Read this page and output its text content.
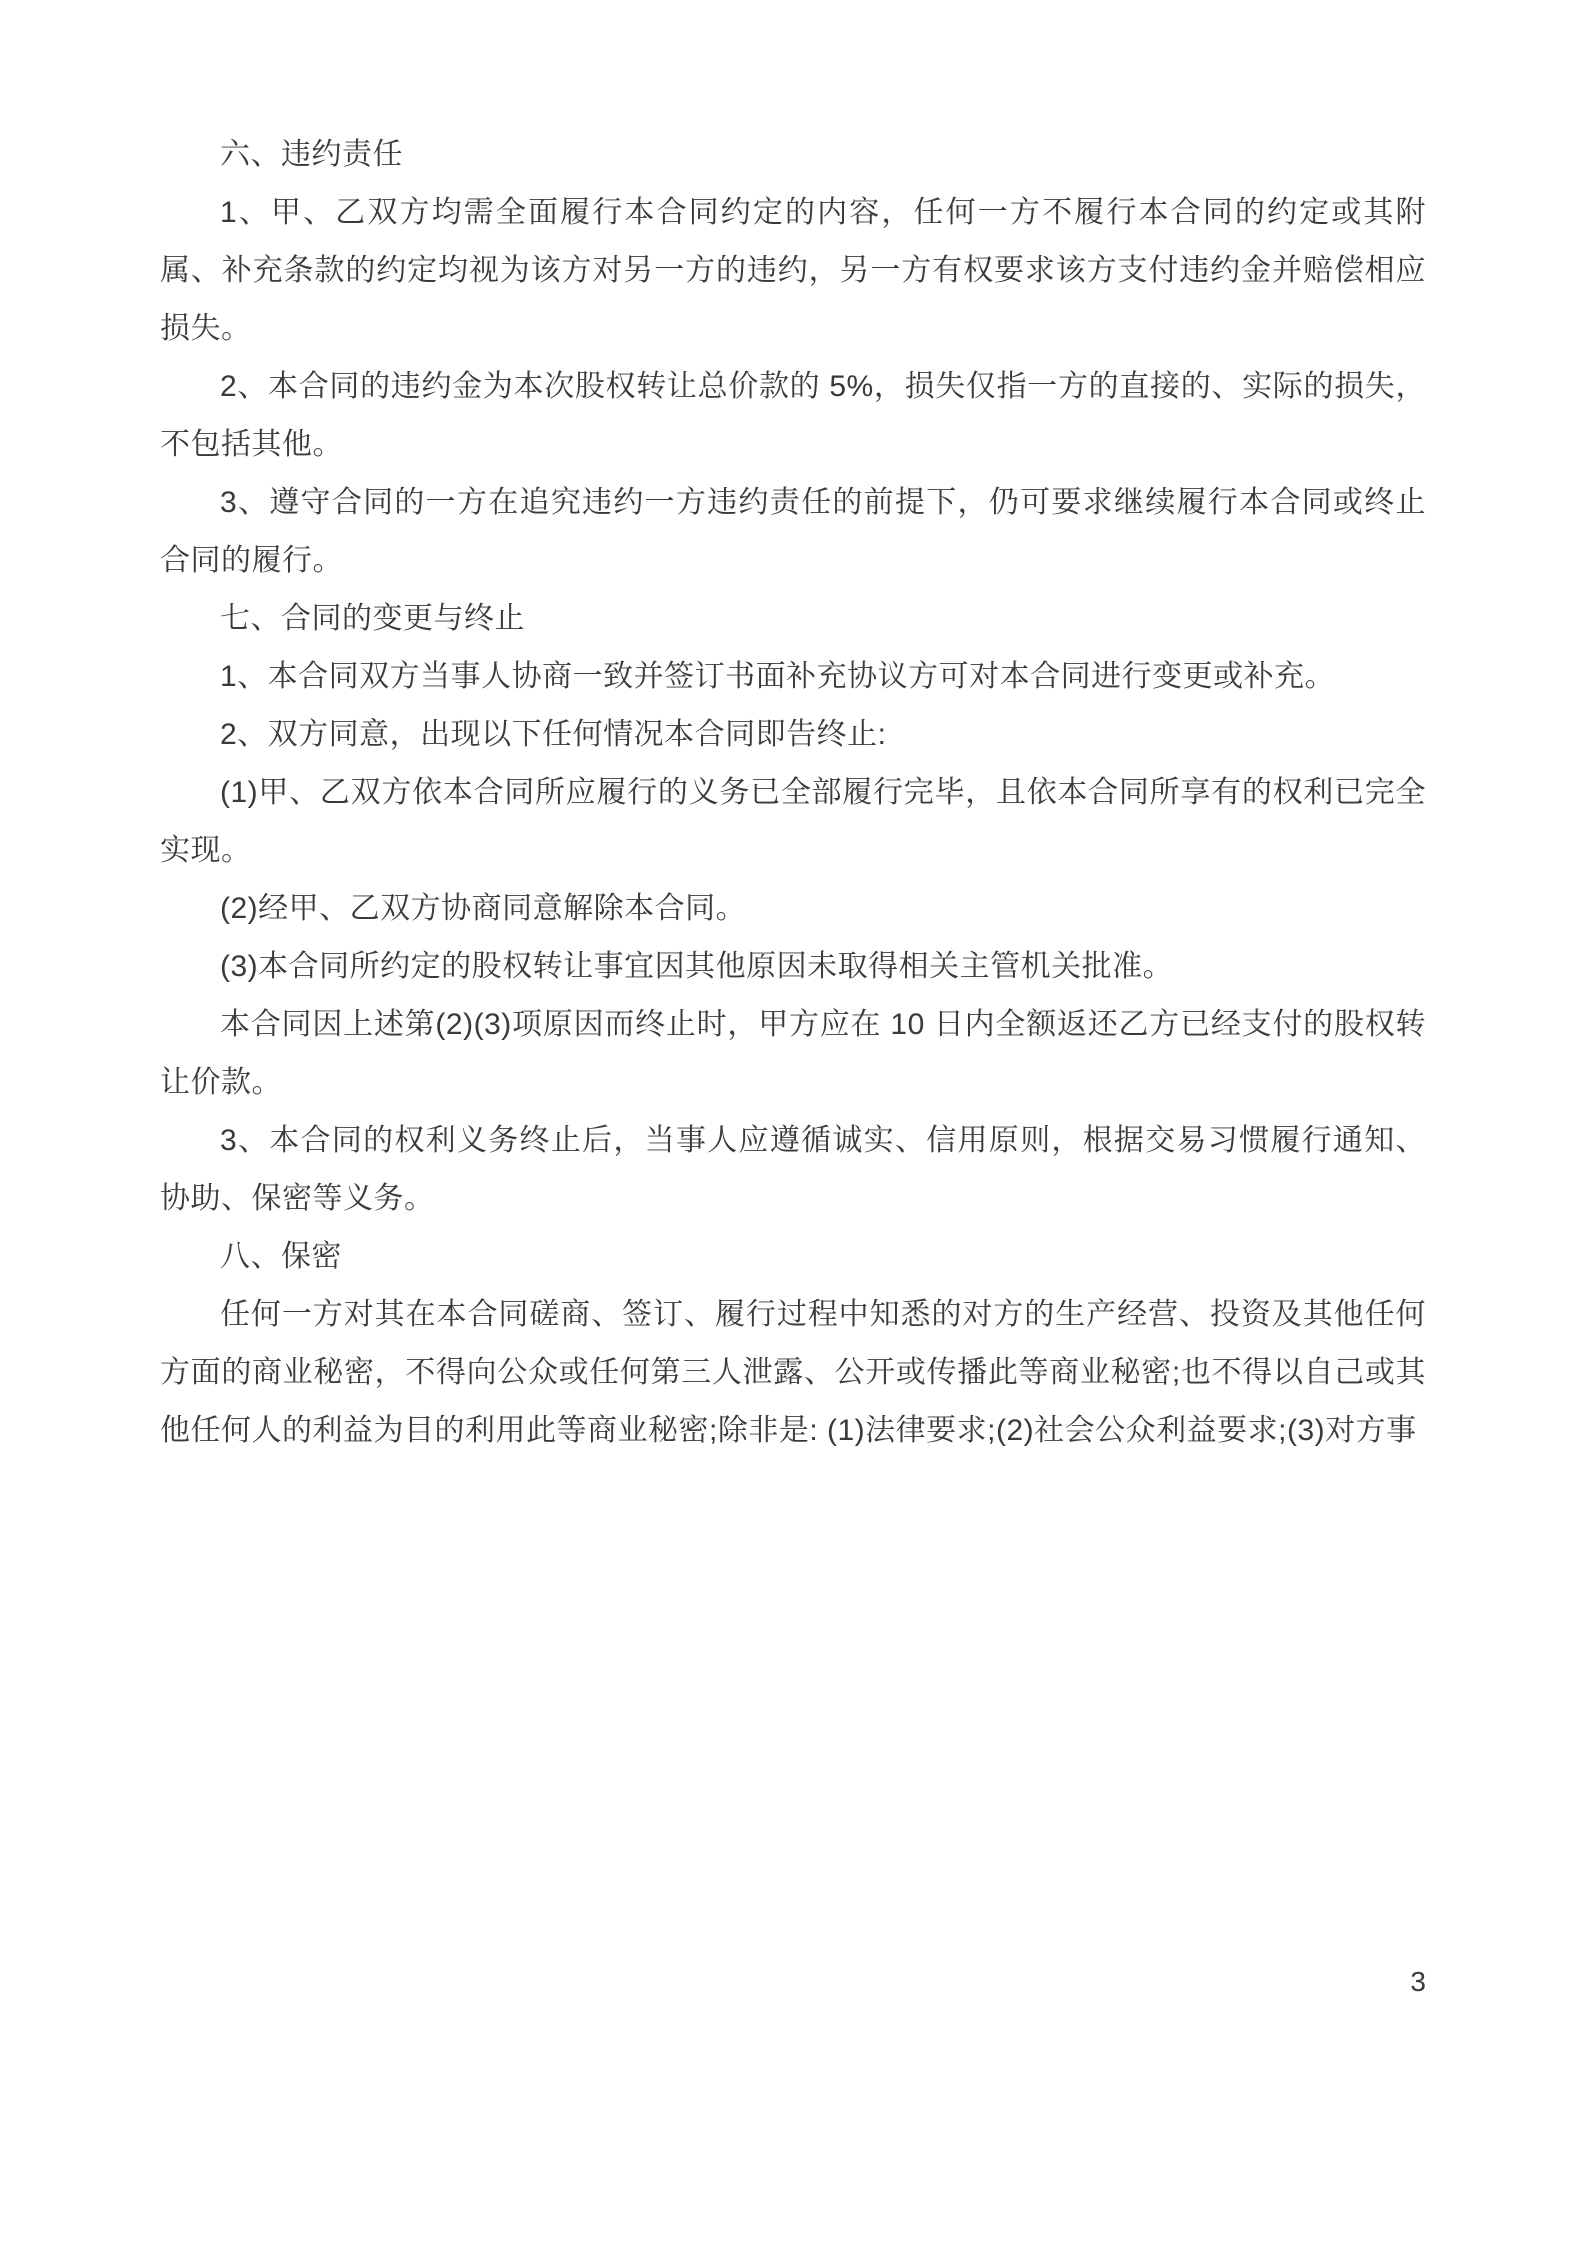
六、违约责任

1、甲、乙双方均需全面履行本合同约定的内容，任何一方不履行本合同的约定或其附属、补充条款的约定均视为该方对另一方的违约，另一方有权要求该方支付违约金并赔偿相应损失。

2、本合同的违约金为本次股权转让总价款的 5%，损失仅指一方的直接的、实际的损失，不包括其他。

3、遵守合同的一方在追究违约一方违约责任的前提下，仍可要求继续履行本合同或终止合同的履行。

七、合同的变更与终止

1、本合同双方当事人协商一致并签订书面补充协议方可对本合同进行变更或补充。

2、双方同意，出现以下任何情况本合同即告终止:

(1)甲、乙双方依本合同所应履行的义务已全部履行完毕，且依本合同所享有的权利已完全实现。

(2)经甲、乙双方协商同意解除本合同。

(3)本合同所约定的股权转让事宜因其他原因未取得相关主管机关批准。

本合同因上述第(2)(3)项原因而终止时，甲方应在 10 日内全额返还乙方已经支付的股权转让价款。

3、本合同的权利义务终止后，当事人应遵循诚实、信用原则，根据交易习惯履行通知、协助、保密等义务。

八、保密

任何一方对其在本合同磋商、签订、履行过程中知悉的对方的生产经营、投资及其他任何方面的商业秘密，不得向公众或任何第三人泄露、公开或传播此等商业秘密;也不得以自己或其他任何人的利益为目的利用此等商业秘密;除非是: (1)法律要求;(2)社会公众利益要求;(3)对方事

3
